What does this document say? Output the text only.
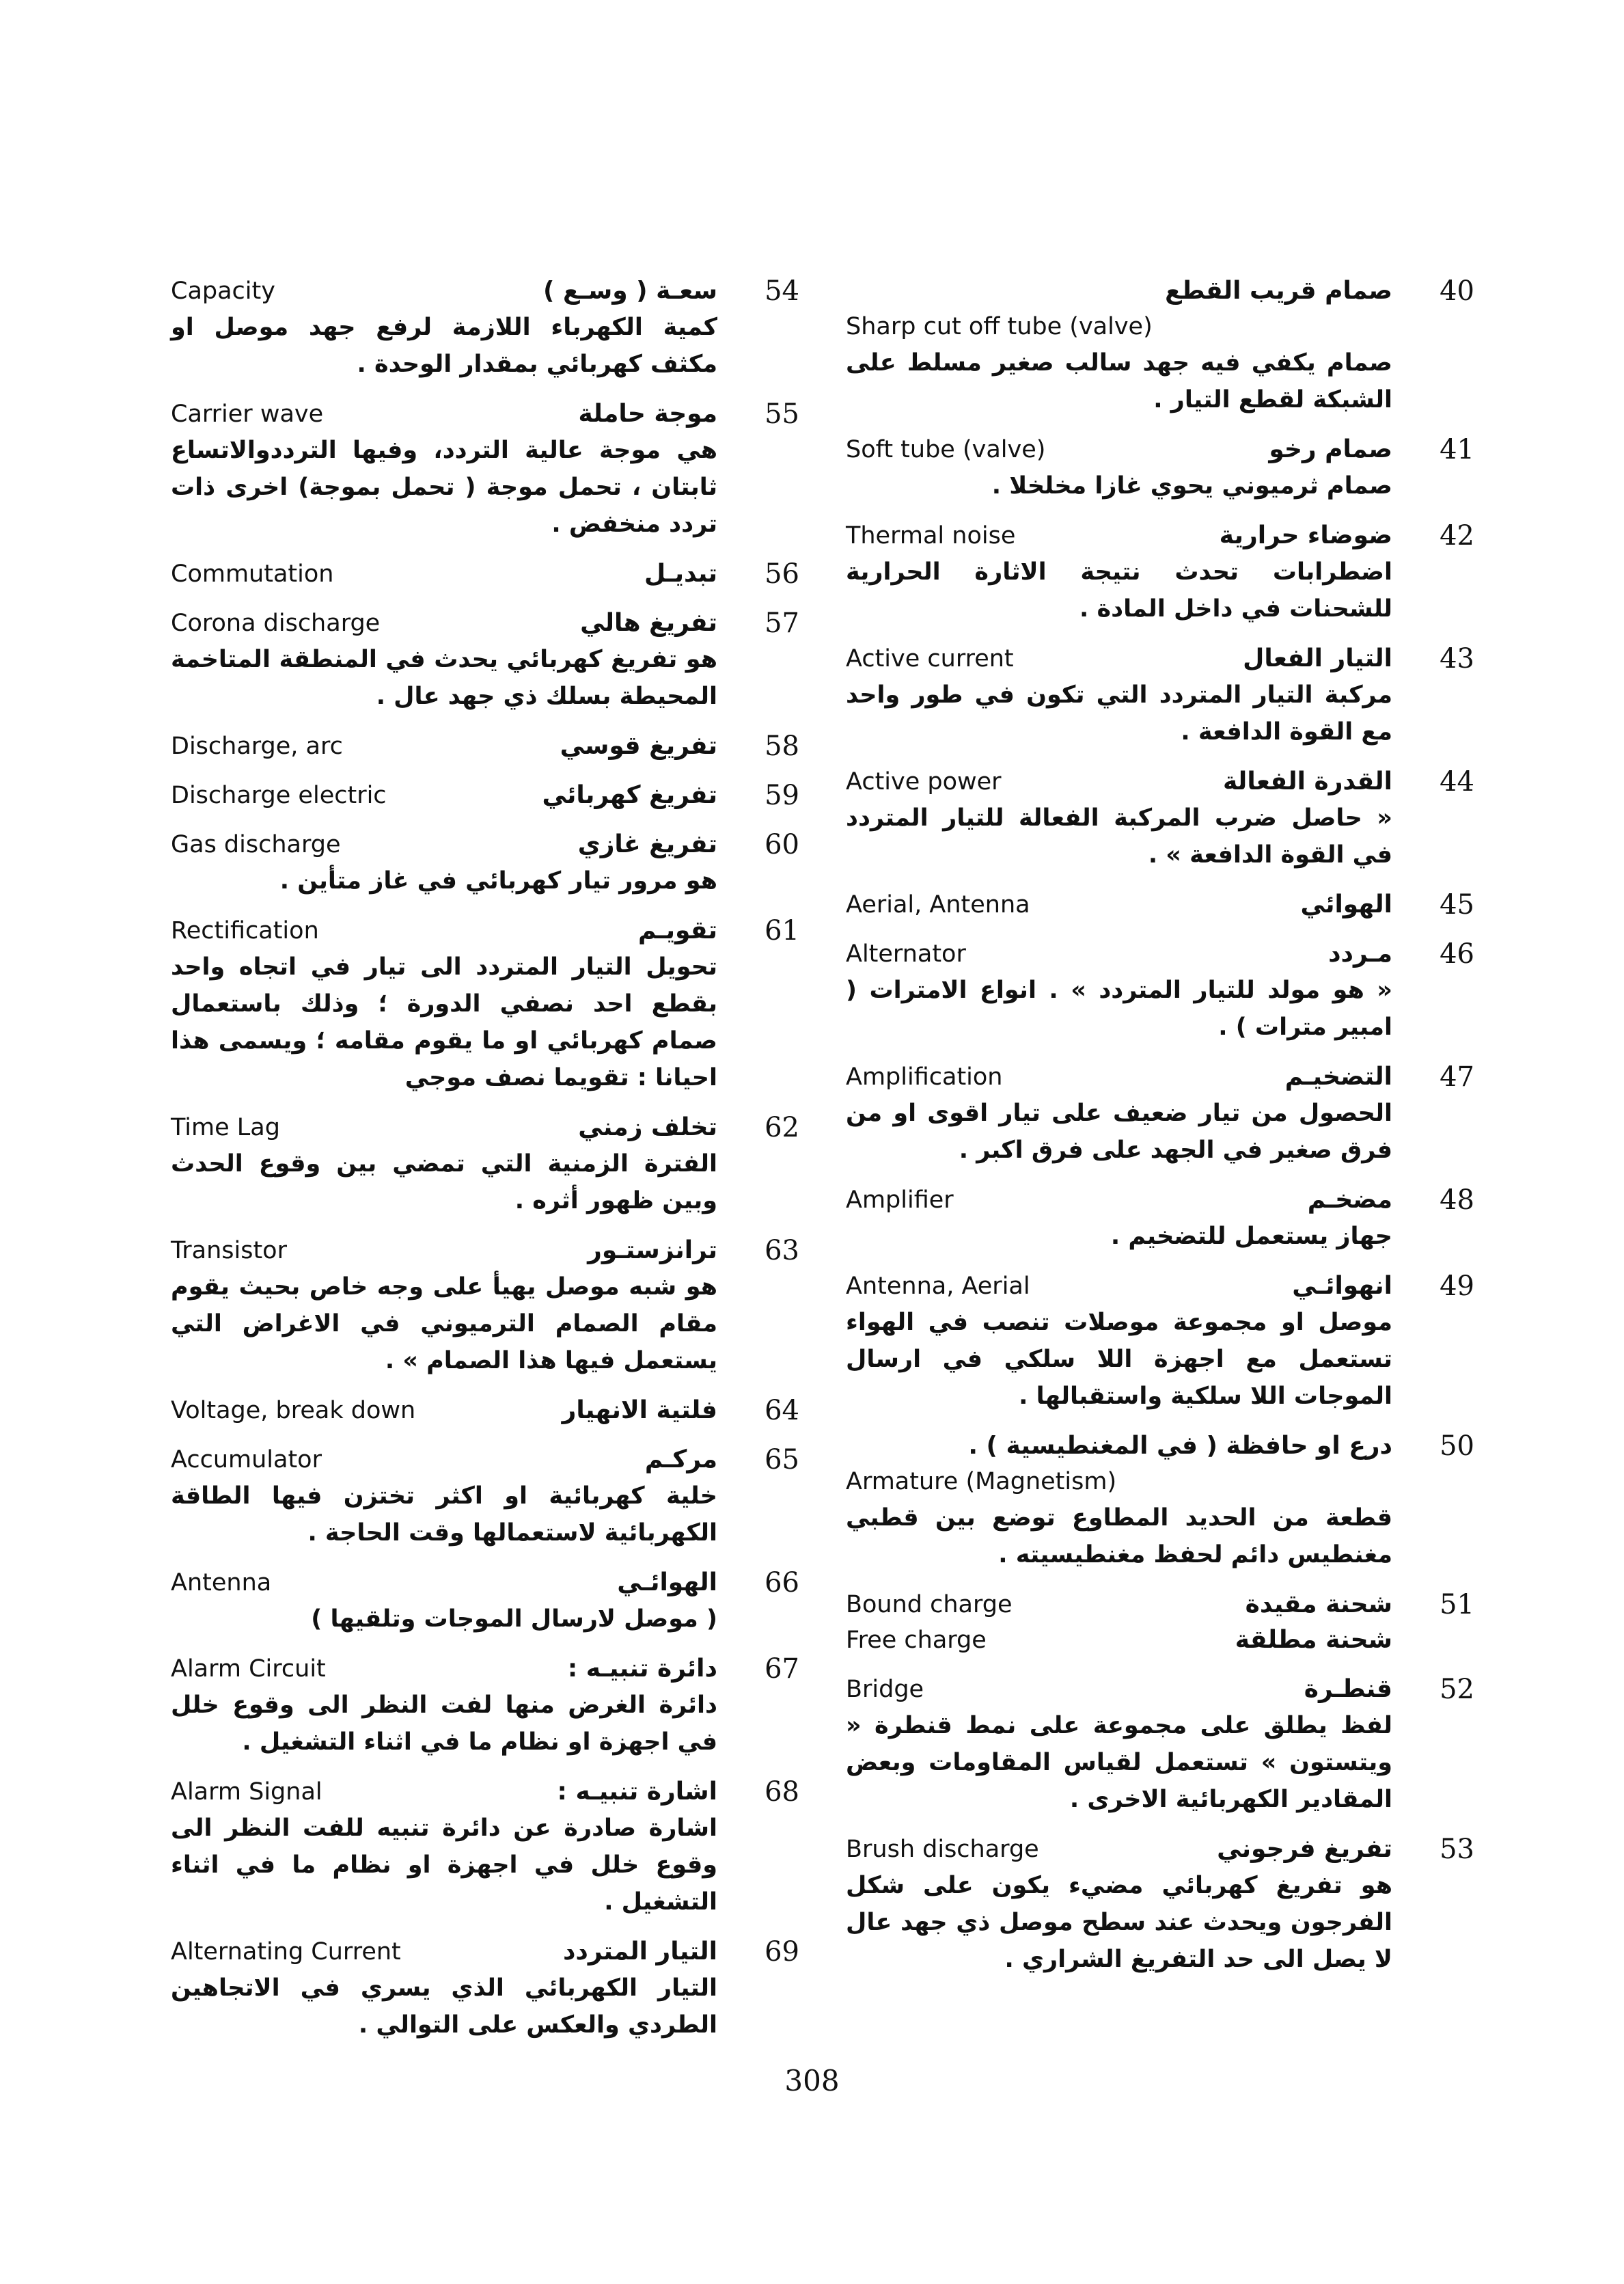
54
Capacity	سعـة ( وسـع )
كمية الكهرباء اللازمة لرفع جهد موصل او مكثف كهربائي بمقدار الوحدة .
55
Carrier wave	موجة حاملة
هي موجة عالية التردد، وفيها الترددوالاتساع ثابتان ، تحمل موجة ( تحمل بموجة) اخرى ذات تردد منخفض .
56
Commutation	تبديـل
57
Corona discharge	تفريغ هالي
هو تفريغ كهربائي يحدث في المنطقة المتاخمة المحيطة بسلك ذي جهد عال .
58
Discharge, arc	تفريغ قوسي
59
Discharge electric	تفريغ كهربائي
60
Gas discharge	تفريغ غازي
هو مرور تيار كهربائي في غاز متأين .
61
Rectification	تقويـم
تحويل التيار المتردد الى تيار في اتجاه واحد بقطع احد نصفي الدورة ؛ وذلك باستعمال صمام كهربائي او ما يقوم مقامه ؛ ويسمى هذا احيانا : تقويما نصف موجي
62
Time Lag	تخلف زمني
الفترة الزمنية التي تمضي بين وقوع الحدث وبين ظهور أثره .
63
Transistor	ترانزستـور
هو شبه موصل يهيأ على وجه خاص بحيث يقوم مقام الصمام الترميوني في الاغراض التي يستعمل فيها هذا الصمام » .
64
Voltage, break down	فلتية الانهيار
65
Accumulator	مركـم
خلية كهربائية او اكثر تختزن فيها الطاقة الكهربائية لاستعمالها وقت الحاجة .
66
Antenna	الهوائـي
( موصل لارسال الموجات وتلقيها )
67
Alarm Circuit	دائرة تنبيـه :
دائرة الغرض منها لفت النظر الى وقوع خلل في اجهزة او نظام ما في اثناء التشغيل .
68
Alarm Signal	اشارة تنبيـه :
اشارة صادرة عن دائرة تنبيه للفت النظر الى وقوع خلل في اجهزة او نظام ما في اثناء التشغيل .
69
Alternating Current	التيار المتردد
التيار الكهربائي الذي يسري في الاتجاهين الطردي والعكس على التوالي .
40
صمام قريب القطع
Sharp cut off tube (valve)
صمام يكفي فيه جهد سالب صغير مسلط على الشبكة لقطع التيار .
41
Soft tube (valve)	صمام رخو
صمام ثرميوني يحوي غازا مخلخلا .
42
Thermal noise	ضوضاء حرارية
اضطرابات تحدث نتيجة الاثارة الحرارية للشحنات في داخل المادة .
43
Active current	التيار الفعال
مركبة التيار المتردد التي تكون في طور واحد مع القوة الدافعة .
44
Active power	القدرة الفعالة
« حاصل ضرب المركبة الفعالة للتيار المتردد في القوة الدافعة » .
45
Aerial, Antenna	الهوائي
46
Alternator	مـردد
« هو مولد للتيار المتردد » . انواع الامترات ( امبير مترات ) .
47
Amplification	التضخيـم
الحصول من تيار ضعيف على تيار اقوى او من فرق صغير في الجهد على فرق اكبر .
48
Amplifier	مضخـم
جهاز يستعمل للتضخيم .
49
Antenna, Aerial	انهوائـي
موصل او مجموعة موصلات تنصب في الهواء تستعمل مع اجهزة اللا سلكي في ارسال الموجات اللا سلكية واستقبالها .
50
درع او حافظة ( في المغنطيسية ) .
Armature (Magnetism)
قطعة من الحديد المطاوع توضع بين قطبي مغنطيس دائم لحفظ مغنطيسيته .
51
Bound charge	شحنة مقيدة
Free charge	شحنة مطلقة
52
Bridge	قنطـرة
لفظ يطلق على مجموعة على نمط قنطرة « ويتستون » تستعمل لقياس المقاومات وبعض المقادير الكهربائية الاخرى .
53
Brush discharge	تفريغ فرجوني
هو تفريغ كهربائي مضيء يكون على شكل الفرجون ويحدث عند سطح موصل ذي جهد عال لا يصل الى حد التفريغ الشراري .
308
